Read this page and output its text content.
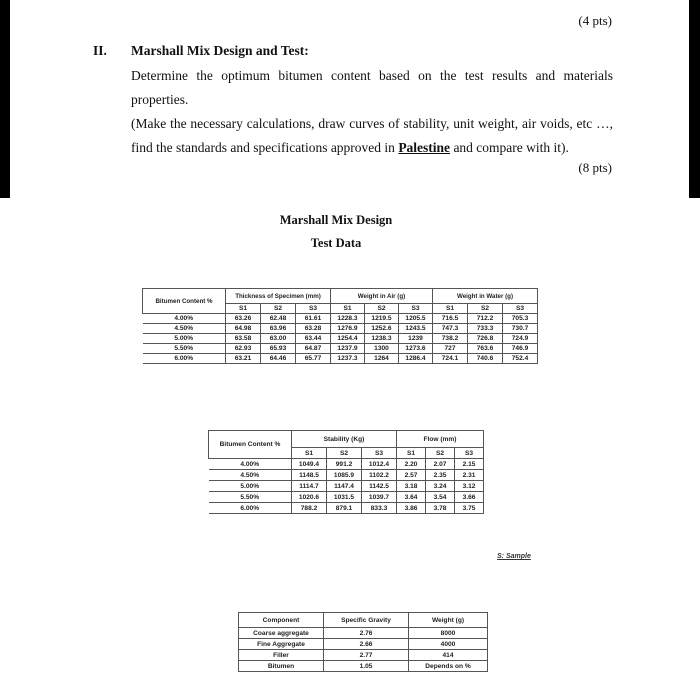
(4 pts)
II. Marshall Mix Design and Test:
Determine the optimum bitumen content based on the test results and materials properties.
(Make the necessary calculations, draw curves of stability, unit weight, air voids, etc …, find the standards and specifications approved in Palestine and compare with it).
(8 pts)
Marshall Mix Design
Test Data
Bitumen Content %	Thickness of Specimen (mm)			Weight in Air (g)			Weight in Water (g)		
	S1	S2	S3	S1	S2	S3	S1	S2	S3
4.00%	63.26	62.48	61.61	1228.3	1219.5	1205.5	716.5	712.2	705.3
4.50%	64.98	63.96	63.28	1276.9	1252.6	1243.5	747.3	733.3	730.7
5.00%	63.58	63.00	63.44	1254.4	1238.3	1239	738.2	726.8	724.9
5.50%	62.93	65.93	64.87	1237.9	1300	1273.6	727	763.6	746.9
6.00%	63.21	64.46	65.77	1237.3	1264	1286.4	724.1	740.6	752.4
Bitumen Content %	Stability (Kg)			Flow (mm)		
	S1	S2	S3	S1	S2	S3
4.00%	1049.4	991.2	1012.4	2.20	2.07	2.15
4.50%	1148.5	1085.9	1102.2	2.57	2.35	2.31
5.00%	1114.7	1147.4	1142.5	3.18	3.24	3.12
5.50%	1020.6	1031.5	1039.7	3.64	3.54	3.66
6.00%	788.2	879.1	833.3	3.86	3.78	3.75
S: Sample
Component	Specific Gravity	Weight (g)
Coarse aggregate	2.76	8000
Fine Aggregate	2.66	4000
Filler	2.77	414
Bitumen	1.05	Depends on %
